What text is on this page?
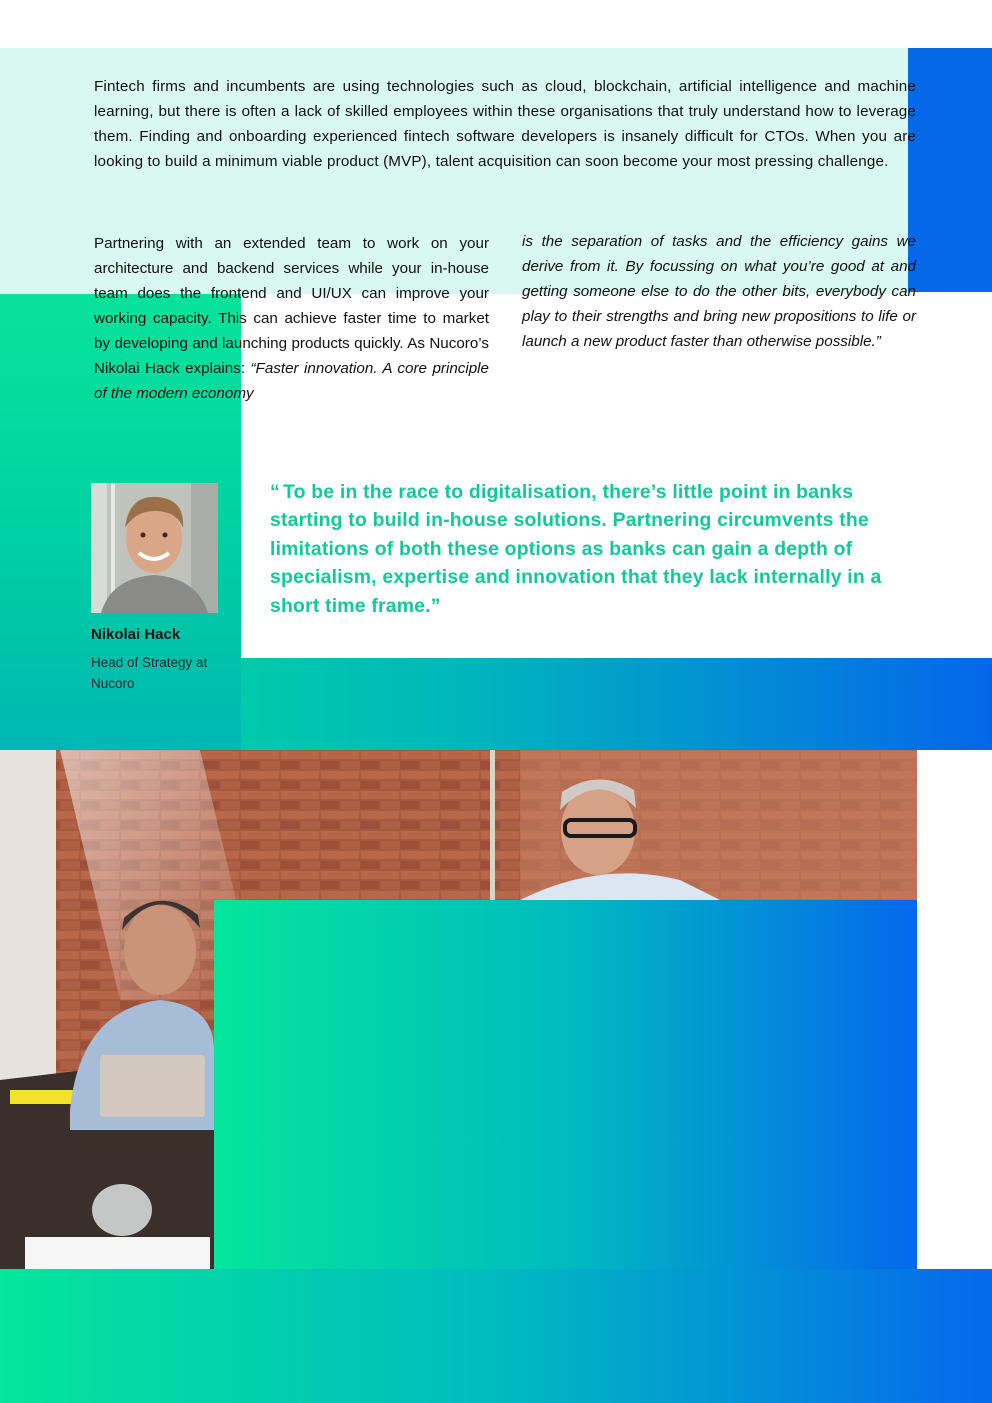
Fintech firms and incumbents are using technologies such as cloud, blockchain, artificial intelligence and machine learning, but there is often a lack of skilled employees within these organisations that truly understand how to leverage them. Finding and onboarding experienced fintech software developers is insanely difficult for CTOs. When you are looking to build a minimum viable product (MVP), talent acquisition can soon become your most pressing challenge.

Partnering with an extended team to work on your architecture and backend services while your in-house team does the frontend and UI/UX can improve your working capacity. This can achieve faster time to market by developing and launching products quickly. As Nucoro’s Nikolai Hack explains: “Faster innovation. A core principle of the modern economy

is the separation of tasks and the efficiency gains we derive from it. By focussing on what you’re good at and getting someone else to do the other bits, everybody can play to their strengths and bring new propositions to life or launch a new product faster than otherwise possible.”

Nikolai Hack
Head of Strategy at Nucoro

“ To be in the race to digitalisation, there’s little point in banks starting to build in-house solutions. Partnering circumvents the limitations of both these options as banks can gain a depth of specialism, expertise and innovation that they lack internally in a short time frame.”
